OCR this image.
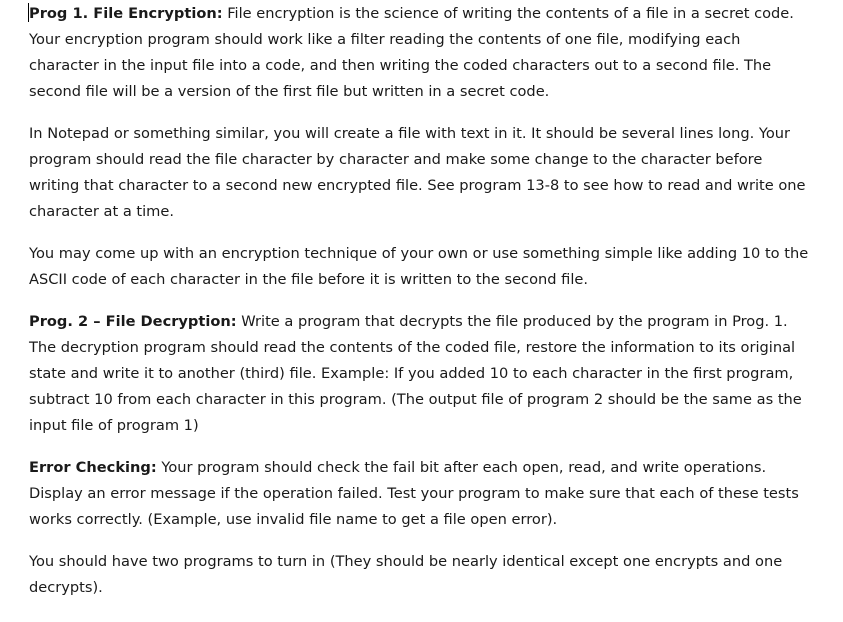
Prog 1. File Encryption: File encryption is the science of writing the contents of a file in a secret code. Your encryption program should work like a filter reading the contents of one file, modifying each character in the input file into a code, and then writing the coded characters out to a second file. The second file will be a version of the first file but written in a secret code.

In Notepad or something similar, you will create a file with text in it. It should be several lines long. Your program should read the file character by character and make some change to the character before writing that character to a second new encrypted file. See program 13-8 to see how to read and write one character at a time.

You may come up with an encryption technique of your own or use something simple like adding 10 to the ASCII code of each character in the file before it is written to the second file.

Prog. 2 – File Decryption: Write a program that decrypts the file produced by the program in Prog. 1. The decryption program should read the contents of the coded file, restore the information to its original state and write it to another (third) file. Example: If you added 10 to each character in the first program, subtract 10 from each character in this program. (The output file of program 2 should be the same as the input file of program 1)

Error Checking: Your program should check the fail bit after each open, read, and write operations. Display an error message if the operation failed. Test your program to make sure that each of these tests works correctly. (Example, use invalid file name to get a file open error).

You should have two programs to turn in (They should be nearly identical except one encrypts and one decrypts).
